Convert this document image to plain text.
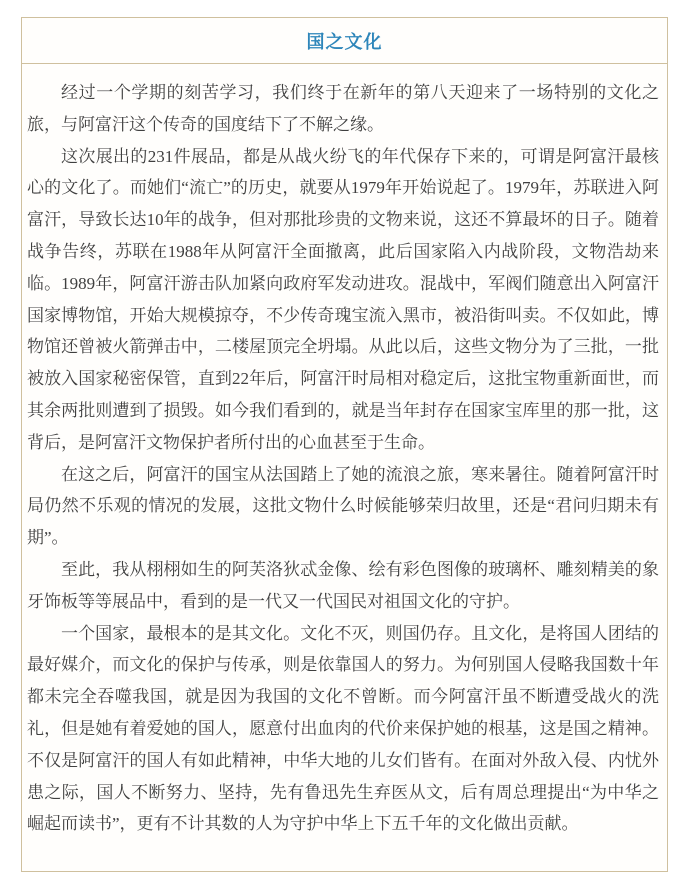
国之文化

经过一个学期的刻苦学习，我们终于在新年的第八天迎来了一场特别的文化之旅，与阿富汗这个传奇的国度结下了不解之缘。

这次展出的231件展品，都是从战火纷飞的年代保存下来的，可谓是阿富汗最核心的文化了。而她们“流亡”的历史，就要从1979年开始说起了。1979年，苏联进入阿富汗，导致长达10年的战争，但对那批珍贵的文物来说，这还不算最坏的日子。随着战争告终，苏联在1988年从阿富汗全面撤离，此后国家陷入内战阶段，文物浩劫来临。1989年，阿富汗游击队加紧向政府军发动进攻。混战中，军阀们随意出入阿富汗国家博物馆，开始大规模掠夺，不少传奇瑰宝流入黑市，被沿街叫卖。不仅如此，博物馆还曾被火箭弹击中，二楼屋顶完全坍塌。从此以后，这些文物分为了三批，一批被放入国家秘密保管，直到22年后，阿富汗时局相对稳定后，这批宝物重新面世，而其余两批则遭到了损毁。如今我们看到的，就是当年封存在国家宝库里的那一批，这背后，是阿富汗文物保护者所付出的心血甚至于生命。

在这之后，阿富汗的国宝从法国踏上了她的流浪之旅，寒来暑往。随着阿富汗时局仍然不乐观的情况的发展，这批文物什么时候能够荣归故里，还是“君问归期未有期”。

至此，我从栩栩如生的阿芙洛狄忒金像、绘有彩色图像的玻璃杯、雕刻精美的象牙饰板等等展品中，看到的是一代又一代国民对祖国文化的守护。

一个国家，最根本的是其文化。文化不灭，则国仍存。且文化，是将国人团结的最好媒介，而文化的保护与传承，则是依靠国人的努力。为何别国人侵略我国数十年都未完全吞噬我国，就是因为我国的文化不曾断。而今阿富汗虽不断遭受战火的洗礼，但是她有着爱她的国人，愿意付出血肉的代价来保护她的根基，这是国之精神。不仅是阿富汗的国人有如此精神，中华大地的儿女们皆有。在面对外敌入侵、内忧外患之际，国人不断努力、坚持，先有鲁迅先生弃医从文，后有周总理提出“为中华之崛起而读书”，更有不计其数的人为守护中华上下五千年的文化做出贡献。
